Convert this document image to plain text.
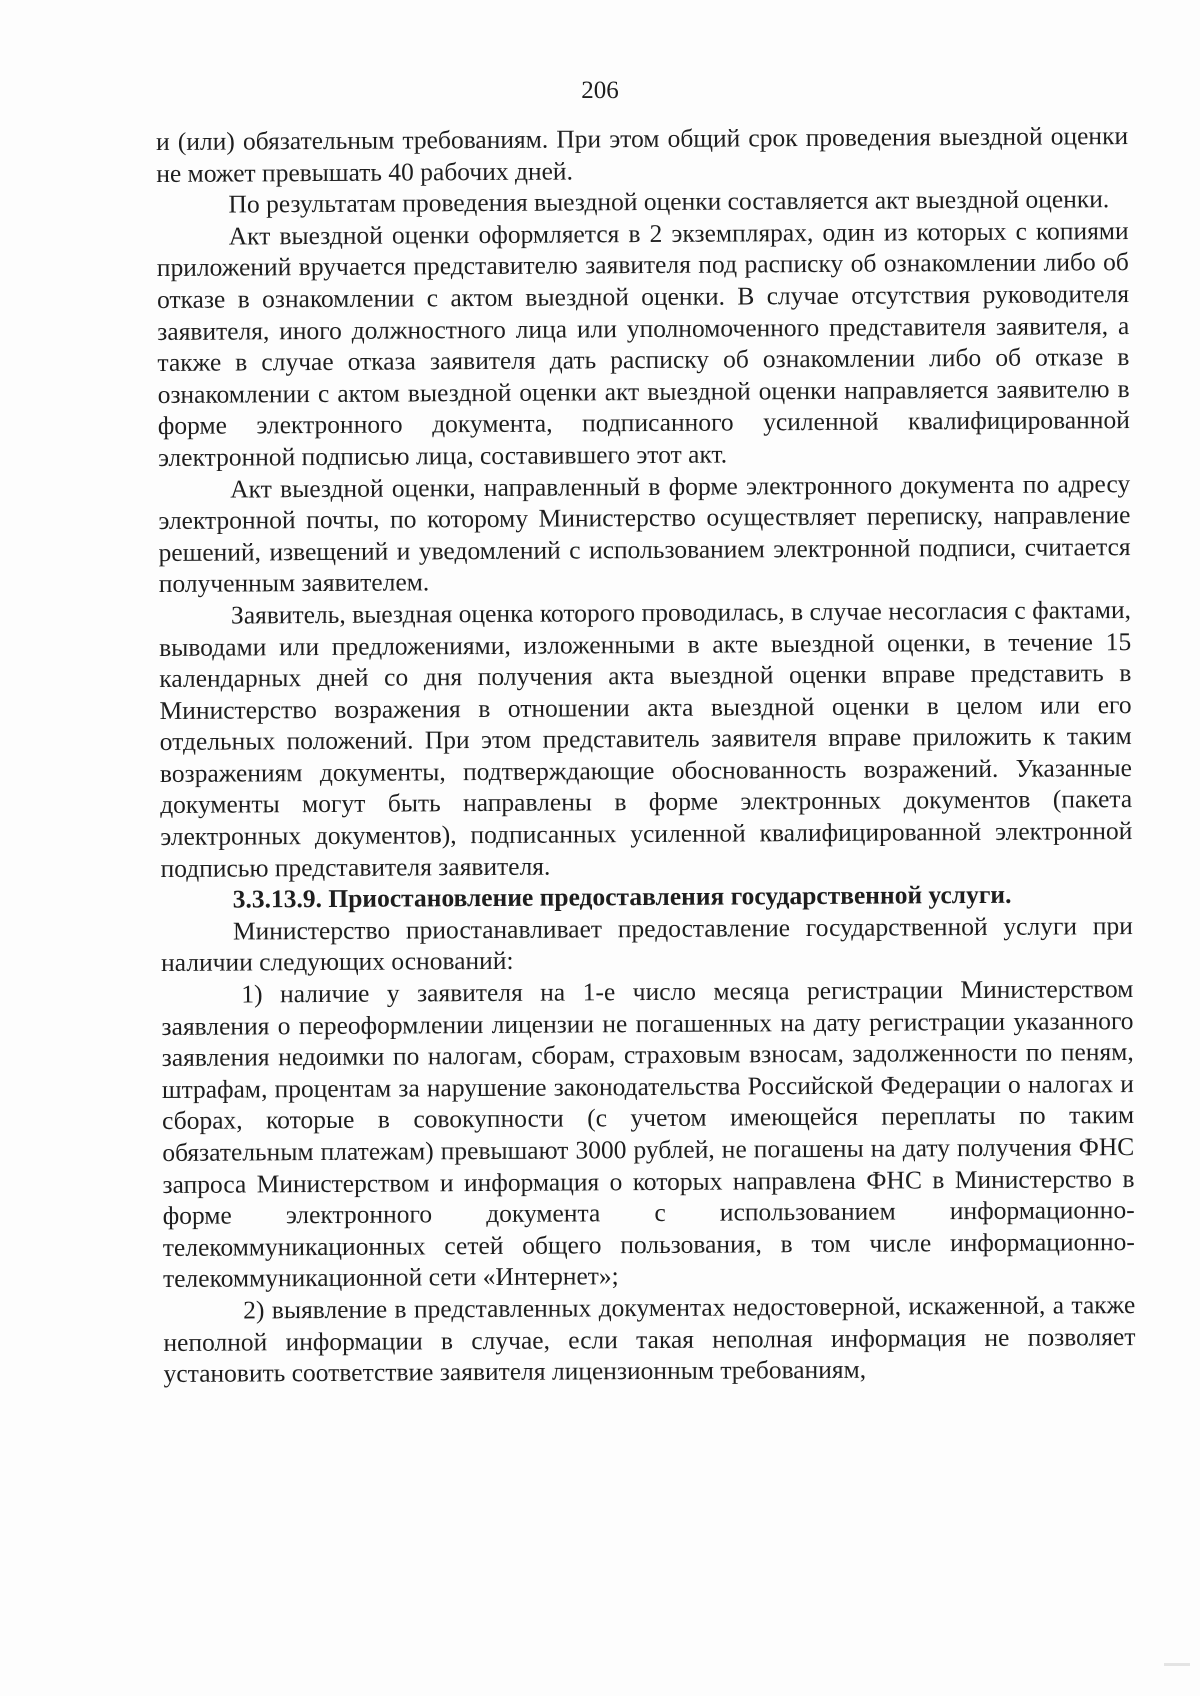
206

и (или) обязательным требованиям. При этом общий срок проведения выездной оценки не может превышать 40 рабочих дней.

По результатам проведения выездной оценки составляется акт выездной оценки.

Акт выездной оценки оформляется в 2 экземплярах, один из которых с копиями приложений вручается представителю заявителя под расписку об ознакомлении либо об отказе в ознакомлении с актом выездной оценки. В случае отсутствия руководителя заявителя, иного должностного лица или уполномоченного представителя заявителя, а также в случае отказа заявителя дать расписку об ознакомлении либо об отказе в ознакомлении с актом выездной оценки акт выездной оценки направляется заявителю в форме электронного документа, подписанного усиленной квалифицированной электронной подписью лица, составившего этот акт.

Акт выездной оценки, направленный в форме электронного документа по адресу электронной почты, по которому Министерство осуществляет переписку, направление решений, извещений и уведомлений с использованием электронной подписи, считается полученным заявителем.

Заявитель, выездная оценка которого проводилась, в случае несогласия с фактами, выводами или предложениями, изложенными в акте выездной оценки, в течение 15 календарных дней со дня получения акта выездной оценки вправе представить в Министерство возражения в отношении акта выездной оценки в целом или его отдельных положений. При этом представитель заявителя вправе приложить к таким возражениям документы, подтверждающие обоснованность возражений. Указанные документы могут быть направлены в форме электронных документов (пакета электронных документов), подписанных усиленной квалифицированной электронной подписью представителя заявителя.

3.3.13.9. Приостановление предоставления государственной услуги.

Министерство приостанавливает предоставление государственной услуги при наличии следующих оснований:

1) наличие у заявителя на 1-е число месяца регистрации Министерством заявления о переоформлении лицензии не погашенных на дату регистрации указанного заявления недоимки по налогам, сборам, страховым взносам, задолженности по пеням, штрафам, процентам за нарушение законодательства Российской Федерации о налогах и сборах, которые в совокупности (с учетом имеющейся переплаты по таким обязательным платежам) превышают 3000 рублей, не погашены на дату получения ФНС запроса Министерством и информация о которых направлена ФНС в Министерство в форме электронного документа с использованием информационно-телекоммуникационных сетей общего пользования, в том числе информационно-телекоммуникационной сети «Интернет»;

2) выявление в представленных документах недостоверной, искаженной, а также неполной информации в случае, если такая неполная информация не позволяет установить соответствие заявителя лицензионным требованиям,
